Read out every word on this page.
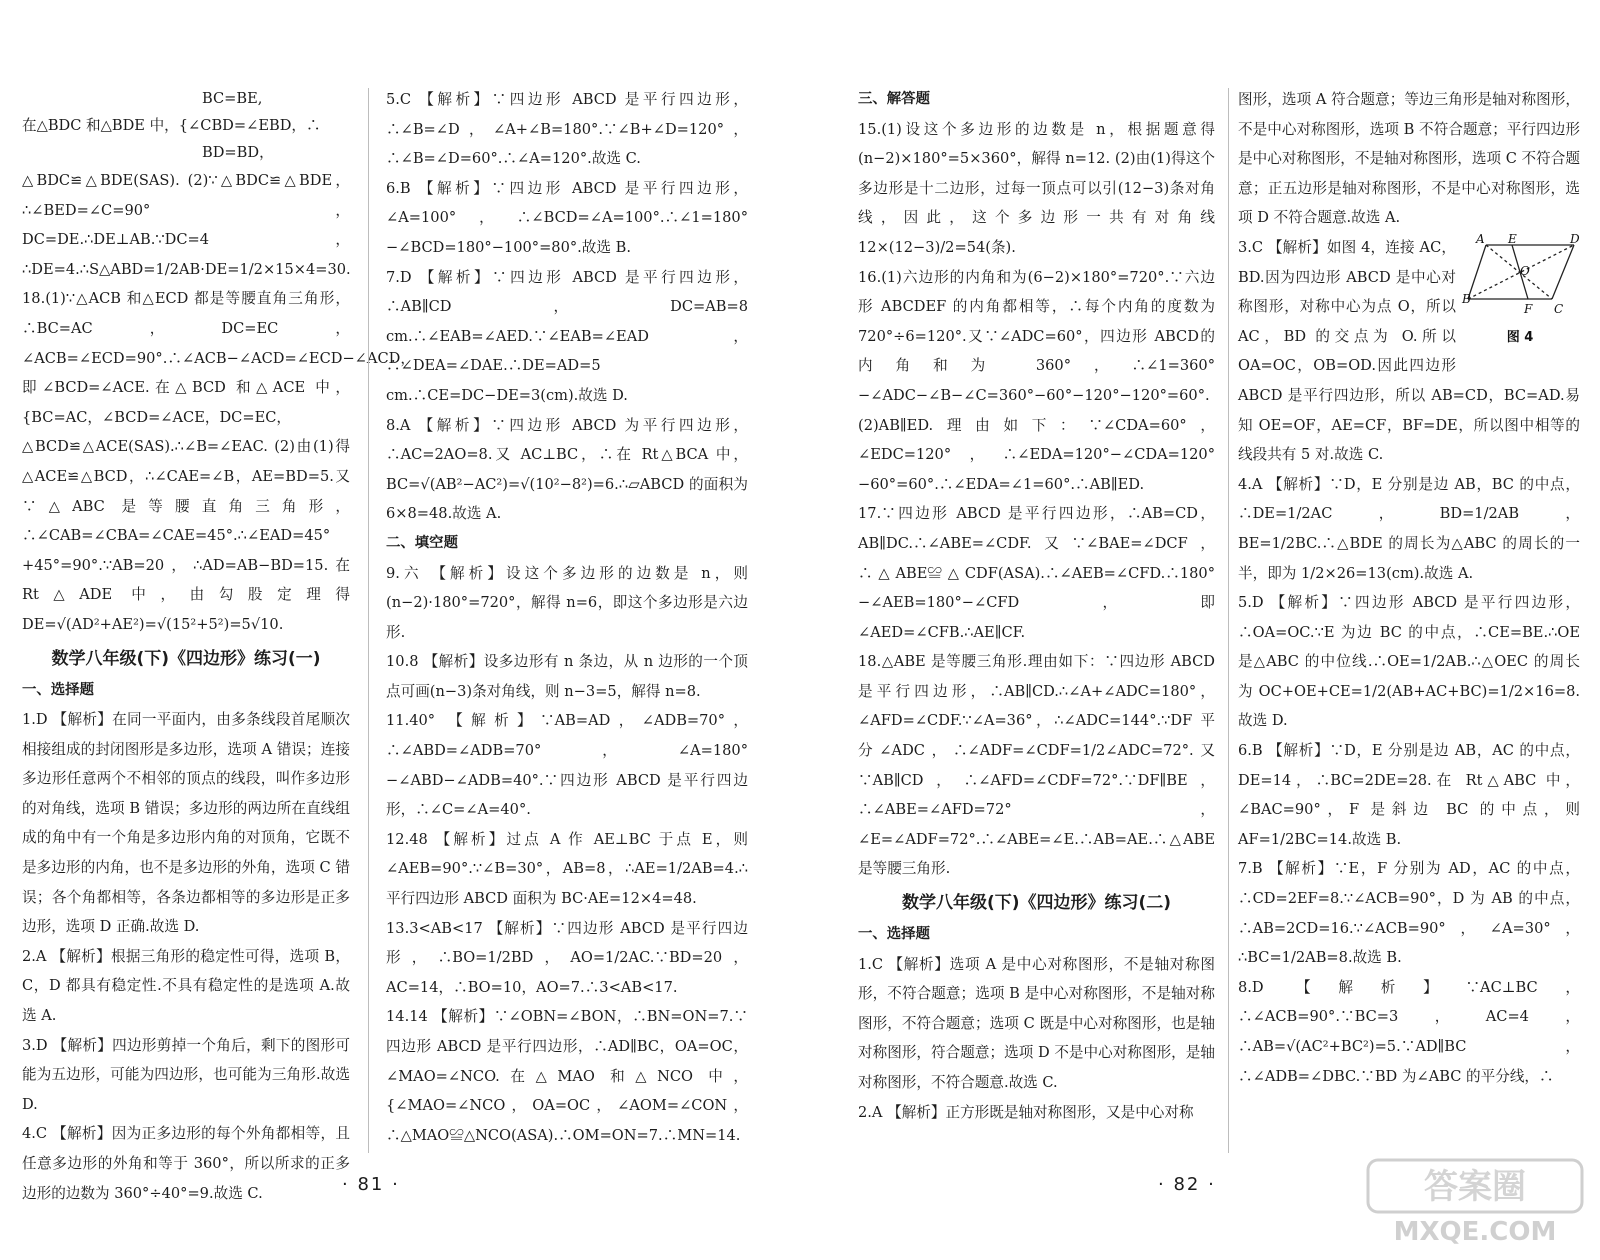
BC=BE,
在△BDC 和△BDE 中，{∠CBD=∠EBD，∴
BD=BD，
△BDC≌△BDE(SAS). (2)∵△BDC≌△BDE，∴∠BED=∠C=90°，DC=DE.∴DE⊥AB.∵DC=4，∴DE=4.∴S△ABD=1/2AB·DE=1/2×15×4=30.
18.(1)∵△ACB 和△ECD 都是等腰直角三角形，∴BC=AC，DC=EC，∠ACB=∠ECD=90°.∴∠ACB−∠ACD=∠ECD−∠ACD，即∠BCD=∠ACE.在△BCD 和△ACE 中，{BC=AC，∠BCD=∠ACE，DC=EC，
△BCD≌△ACE(SAS).∴∠B=∠EAC. (2)由(1)得△ACE≌△BCD，∴∠CAE=∠B，AE=BD=5.又∵△ABC 是等腰直角三角形，∴∠CAB=∠CBA=∠CAE=45°.∴∠EAD=45°+45°=90°.∵AB=20，∴AD=AB−BD=15.在 Rt△ADE 中，由勾股定理得 DE=√(AD²+AE²)=√(15²+5²)=5√10.
数学八年级(下)《四边形》练习(一)
一、选择题
1.D 【解析】在同一平面内，由多条线段首尾顺次相接组成的封闭图形是多边形，选项 A 错误；连接多边形任意两个不相邻的顶点的线段，叫作多边形的对角线，选项 B 错误；多边形的两边所在直线组成的角中有一个角是多边形内角的对顶角，它既不是多边形的内角，也不是多边形的外角，选项 C 错误；各个角都相等，各条边都相等的多边形是正多边形，选项 D 正确.故选 D.
2.A 【解析】根据三角形的稳定性可得，选项 B，C，D 都具有稳定性.不具有稳定性的是选项 A.故选 A.
3.D 【解析】四边形剪掉一个角后，剩下的图形可能为五边形，可能为四边形，也可能为三角形.故选 D.
4.C 【解析】因为正多边形的每个外角都相等，且任意多边形的外角和等于 360°，所以所求的正多边形的边数为 360°÷40°=9.故选 C.
5.C 【解析】∵四边形 ABCD 是平行四边形，∴∠B=∠D，∠A+∠B=180°.∵∠B+∠D=120°，∴∠B=∠D=60°.∴∠A=120°.故选 C.
6.B 【解析】∵四边形 ABCD 是平行四边形，∠A=100°，∴∠BCD=∠A=100°.∴∠1=180°−∠BCD=180°−100°=80°.故选 B.
7.D 【解析】∵四边形 ABCD 是平行四边形，∴AB∥CD，DC=AB=8 cm.∴∠EAB=∠AED.∵∠EAB=∠EAD，∴∠DEA=∠DAE.∴DE=AD=5 cm.∴CE=DC−DE=3(cm).故选 D.
8.A 【解析】∵四边形 ABCD 为平行四边形，∴AC=2AO=8.又 AC⊥BC，∴在 Rt△BCA 中，BC=√(AB²−AC²)=√(10²−8²)=6.∴▱ABCD 的面积为 6×8=48.故选 A.
二、填空题
9.六 【解析】设这个多边形的边数是 n，则(n−2)·180°=720°，解得 n=6，即这个多边形是六边形.
10.8 【解析】设多边形有 n 条边，从 n 边形的一个顶点可画(n−3)条对角线，则 n−3=5，解得 n=8.
11.40° 【解析】∵AB=AD，∠ADB=70°，∴∠ABD=∠ADB=70°，∠A=180°−∠ABD−∠ADB=40°.∵四边形 ABCD 是平行四边形，∴∠C=∠A=40°.
12.48 【解析】过点 A 作 AE⊥BC 于点 E，则∠AEB=90°.∵∠B=30°，AB=8，∴AE=1/2AB=4.∴平行四边形 ABCD 面积为 BC·AE=12×4=48.
13.3<AB<17 【解析】∵四边形 ABCD 是平行四边形，∴BO=1/2BD，AO=1/2AC.∵BD=20，AC=14，∴BO=10，AO=7.∴3<AB<17.
14.14 【解析】∵∠OBN=∠BON，∴BN=ON=7.∵四边形 ABCD 是平行四边形，∴AD∥BC，OA=OC，∠MAO=∠NCO.在△MAO 和△NCO 中，{∠MAO=∠NCO，OA=OC，∠AOM=∠CON，∴△MAO≌△NCO(ASA).∴OM=ON=7.∴MN=14.
三、解答题
15.(1)设这个多边形的边数是 n，根据题意得(n−2)×180°=5×360°，解得 n=12. (2)由(1)得这个多边形是十二边形，过每一顶点可以引(12−3)条对角线，因此，这个多边形一共有对角线 12×(12−3)/2=54(条).
16.(1)六边形的内角和为(6−2)×180°=720°.∵六边形 ABCDEF 的内角都相等，∴每个内角的度数为 720°÷6=120°.又∵∠ADC=60°，四边形 ABCD的内角和为 360°，∴∠1=360°−∠ADC−∠B−∠C=360°−60°−120°−120°=60°. (2)AB∥ED.理由如下：∵∠CDA=60°，∠EDC=120°，∴∠EDA=120°−∠CDA=120°−60°=60°.∴∠EDA=∠1=60°.∴AB∥ED.
17.∵四边形 ABCD 是平行四边形，∴AB=CD，AB∥DC.∴∠ABE=∠CDF.又∵∠BAE=∠DCF，∴△ABE≌△CDF(ASA).∴∠AEB=∠CFD.∴180°−∠AEB=180°−∠CFD，即∠AED=∠CFB.∴AE∥CF.
18.△ABE 是等腰三角形.理由如下：∵四边形 ABCD 是平行四边形，∴AB∥CD.∴∠A+∠ADC=180°，∠AFD=∠CDF.∵∠A=36°，∴∠ADC=144°.∵DF 平分∠ADC，∴∠ADF=∠CDF=1/2∠ADC=72°.又∵AB∥CD，∴∠AFD=∠CDF=72°.∵DF∥BE，∴∠ABE=∠AFD=72°，∠E=∠ADF=72°.∴∠ABE=∠E.∴AB=AE.∴△ABE 是等腰三角形.
数学八年级(下)《四边形》练习(二)
一、选择题
1.C 【解析】选项 A 是中心对称图形，不是轴对称图形，不符合题意；选项 B 是中心对称图形，不是轴对称图形，不符合题意；选项 C 既是中心对称图形，也是轴对称图形，符合题意；选项 D 不是中心对称图形，是轴对称图形，不符合题意.故选 C.
2.A 【解析】正方形既是轴对称图形，又是中心对称
图形，选项 A 符合题意；等边三角形是轴对称图形，不是中心对称图形，选项 B 不符合题意；平行四边形是中心对称图形，不是轴对称图形，选项 C 不符合题意；正五边形是轴对称图形，不是中心对称图形，选项 D 不符合题意.故选 A.
A E	D
O
B
F C
图 4
3.C 【解析】如图 4，连接 AC，BD.因为四边形 ABCD 是中心对称图形，对称中心为点 O，所以 AC，BD 的交点为 O.所以 OA=OC，OB=OD.因此四边形 ABCD 是平行四边形，所以 AB=CD，BC=AD.易知 OE=OF，AE=CF，BF=DE，所以图中相等的线段共有 5 对.故选 C.
4.A 【解析】∵D，E 分别是边 AB，BC 的中点，∴DE=1/2AC，BD=1/2AB，BE=1/2BC.∴△BDE 的周长为△ABC 的周长的一半，即为 1/2×26=13(cm).故选 A.
5.D 【解析】∵四边形 ABCD 是平行四边形，∴OA=OC.∵E 为边 BC 的中点，∴CE=BE.∴OE 是△ABC 的中位线.∴OE=1/2AB.∴△OEC 的周长为 OC+OE+CE=1/2(AB+AC+BC)=1/2×16=8.故选 D.
6.B 【解析】∵D，E 分别是边 AB，AC 的中点，DE=14，∴BC=2DE=28.在 Rt△ABC 中，∠BAC=90°，F 是斜边 BC 的中点，则 AF=1/2BC=14.故选 B.
7.B 【解析】∵E，F 分别为 AD，AC 的中点，∴CD=2EF=8.∵∠ACB=90°，D 为 AB 的中点，∴AB=2CD=16.∵∠ACB=90°，∠A=30°，∴BC=1/2AB=8.故选 B.
8.D 【解析】∵AC⊥BC，∴∠ACB=90°.∵BC=3，AC=4，∴AB=√(AC²+BC²)=5.∵AD∥BC，∴∠ADB=∠DBC.∵BD 为∠ABC 的平分线，∴
· 81 ·	· 82 ·	答案圈
MXQE.COM
